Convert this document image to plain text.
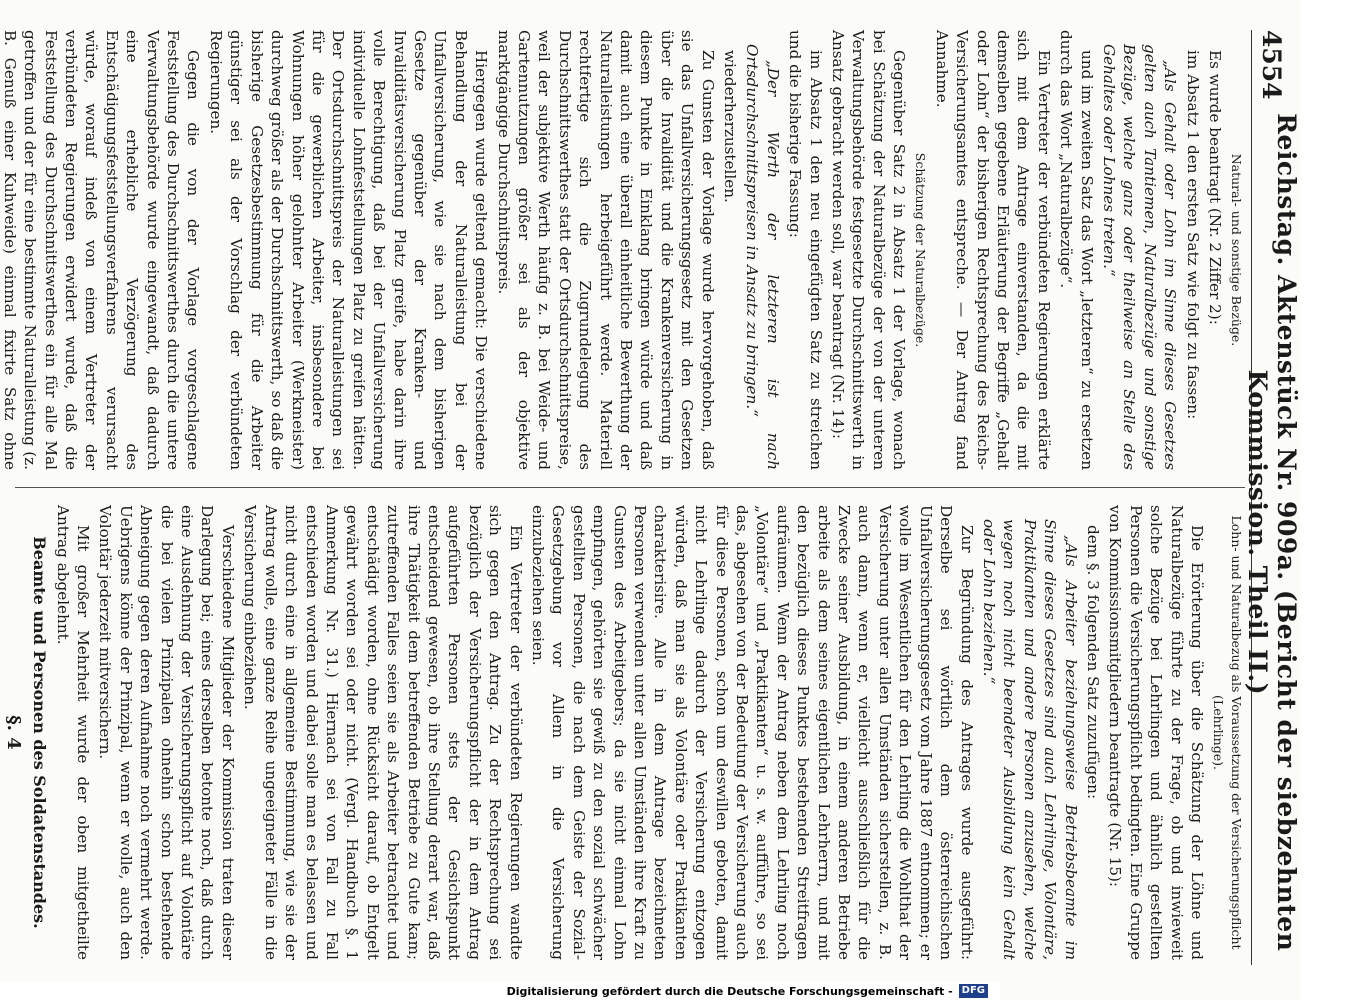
4554
Reichstag. Aktenstück Nr. 909a. (Bericht der siebzehnten Kommission. Theil II.)

Natural- und sonstige Bezüge.

Es wurde beantragt (Nr. 2 Ziffer 2):

im Absatz 1 den ersten Satz wie folgt zu fassen:

„Als Gehalt oder Lohn im Sinne dieses Gesetzes gelten auch Tantiemen, Naturalbezüge und sonstige Bezüge, welche ganz oder theilweise an Stelle des Gehaltes oder Lohnes treten.“

und im zweiten Satz das Wort „letzteren“ zu ersetzen durch das Wort „Naturalbezüge“.

Ein Vertreter der verbündeten Regierungen erklärte sich mit dem Antrage einverstanden, da die mit demselben gegebene Erläuterung der Begriffe „Gehalt oder Lohn“ der bisherigen Rechtsprechung des Reichs-Versicherungsamtes entspreche. — Der Antrag fand Annahme.

Schätzung der Naturalbezüge.

Gegenüber Satz 2 in Absatz 1 der Vorlage, wonach bei Schätzung der Naturalbezüge der von der unteren Verwaltungsbehörde festgesetzte Durchschnittswerth in Ansatz gebracht werden soll, war beantragt (Nr. 14):

im Absatz 1 den neu eingefügten Satz zu streichen und die bisherige Fassung:

„Der Werth der letzteren ist nach Ortsdurchschnittspreisen in Ansatz zu bringen.“

wiederherzustellen.

Zu Gunsten der Vorlage wurde hervorgehoben, daß sie das Unfallversicherungsgesetz mit den Gesetzen über die Invalidität und die Krankenversicherung in diesem Punkte in Einklang bringen würde und daß damit auch eine überall einheitliche Bewerthung der Naturalleistungen herbeigeführt werde. Materiell rechtfertige sich die Zugrundelegung des Durchschnittswerthes statt der Ortsdurchschnittspreise, weil der subjektive Werth häufig z. B. bei Weide- und Gartennutzungen größer sei als der objektive marktgängige Durchschnittspreis.

Hiergegen wurde geltend gemacht: Die verschiedene Behandlung der Naturalleistung bei der Unfallversicherung, wie sie nach dem bisherigen Gesetze gegenüber der Kranken- und Invaliditätsversicherung Platz greife, habe darin ihre volle Berechtigung, daß bei der Unfallversicherung individuelle Lohnfeststellungen Platz zu greifen hätten. Der Ortsdurchschnittspreis der Naturalleistungen sei für die gewerblichen Arbeiter, insbesondere bei Wohnungen höher gelohnter Arbeiter (Werkmeister) durchweg größer als der Durchschnittswerth, so daß die bisherige Gesetzesbestimmung für die Arbeiter günstiger sei als der Vorschlag der verbündeten Regierungen.

Gegen die von der Vorlage vorgeschlagene Feststellung des Durchschnittswerthes durch die untere Verwaltungsbehörde wurde eingewandt, daß dadurch eine erhebliche Verzögerung des Entschädigungsfeststellungsverfahrens verursacht würde, worauf indeß von einem Vertreter der verbündeten Regierungen erwidert wurde, daß die Feststellung des Durchschnittswerthes ein für alle Mal getroffen und der für eine bestimmte Naturalleistung (z. B. Genuß einer Kuhweide) einmal fixirte Satz ohne

Lohn- und Naturalbezug als Voraussetzung der Versicherungspflicht (Lehrlinge).

Die Erörterung über die Schätzung der Löhne und Naturalbezüge führte zu der Frage, ob und inwieweit solche Bezüge bei Lehrlingen und ähnlich gestellten Personen die Versicherungspflicht bedingten. Eine Gruppe von Kommissionsmitgliedern beantragte (Nr. 15):

dem §. 3 folgenden Satz zuzufügen:

„Als Arbeiter beziehungsweise Betriebsbeamte im Sinne dieses Gesetzes sind auch Lehrlinge, Volontäre, Praktikanten und andere Personen anzusehen, welche wegen noch nicht beendeter Ausbildung kein Gehalt oder Lohn beziehen.“

Zur Begründung des Antrages wurde ausgeführt: Derselbe sei wörtlich dem österreichischen Unfallversicherungsgesetz vom Jahre 1887 entnommen; er wolle im Wesentlichen für den Lehrling die Wohlthat der Versicherung unter allen Umständen sicherstellen, z. B. auch dann, wenn er, vielleicht ausschließlich für die Zwecke seiner Ausbildung, in einem anderen Betriebe arbeite als dem seines eigentlichen Lehrherrn, und mit den bezüglich dieses Punktes bestehenden Streitfragen aufräumen. Wenn der Antrag neben dem Lehrling noch „Volontäre“ und „Praktikanten“ u. s. w. aufführe, so sei das, abgesehen von der Bedeutung der Versicherung auch für diese Personen, schon um deswillen geboten, damit nicht Lehrlinge dadurch der Versicherung entzogen würden, daß man sie als Volontäre oder Praktikanten charakterisire. Alle in dem Antrage bezeichneten Personen verwenden unter allen Umständen ihre Kraft zu Gunsten des Arbeitgebers; da sie nicht einmal Lohn empfingen, gehörten sie gewiß zu den sozial schwächer gestellten Personen, die nach dem Geiste der Sozial-Gesetzgebung vor Allem in die Versicherung einzubeziehen seien.

Ein Vertreter der verbündeten Regierungen wandte sich gegen den Antrag. Zu der Rechtsprechung sei bezüglich der Versicherungspflicht der in dem Antrag aufgeführten Personen stets der Gesichtspunkt entscheidend gewesen, ob ihre Stellung derart war, daß ihre Thätigkeit dem betreffenden Betriebe zu Gute kam; zutreffenden Falles seien sie als Arbeiter betrachtet und entschädigt worden, ohne Rücksicht darauf, ob Entgelt gewährt worden sei oder nicht. (Vergl. Handbuch §. 1 Anmerkung Nr. 31.) Hiernach sei von Fall zu Fall entschieden worden und dabei solle man es belassen und nicht durch eine in allgemeine Bestimmung, wie sie der Antrag wolle, eine ganze Reihe ungeeigneter Fälle in die Versicherung einbeziehen.

Verschiedene Mitglieder der Kommission traten dieser Darlegung bei; eines derselben betonte noch, daß durch eine Ausdehnung der Versicherungspflicht auf Volontäre die bei vielen Prinzipalen ohnehin schon bestehende Abneigung gegen deren Aufnahme noch vermehrt werde. Uebrigens könne der Prinzipal, wenn er wolle, auch den Volontär jederzeit mitversichern.

Mit großer Mehrheit wurde der oben mitgetheilte Antrag abgelehnt.

Beamte und Personen des Soldatenstandes.

§. 4

Digitalisierung gefördert durch die Deutsche Forschungsgemeinschaft - DFG
